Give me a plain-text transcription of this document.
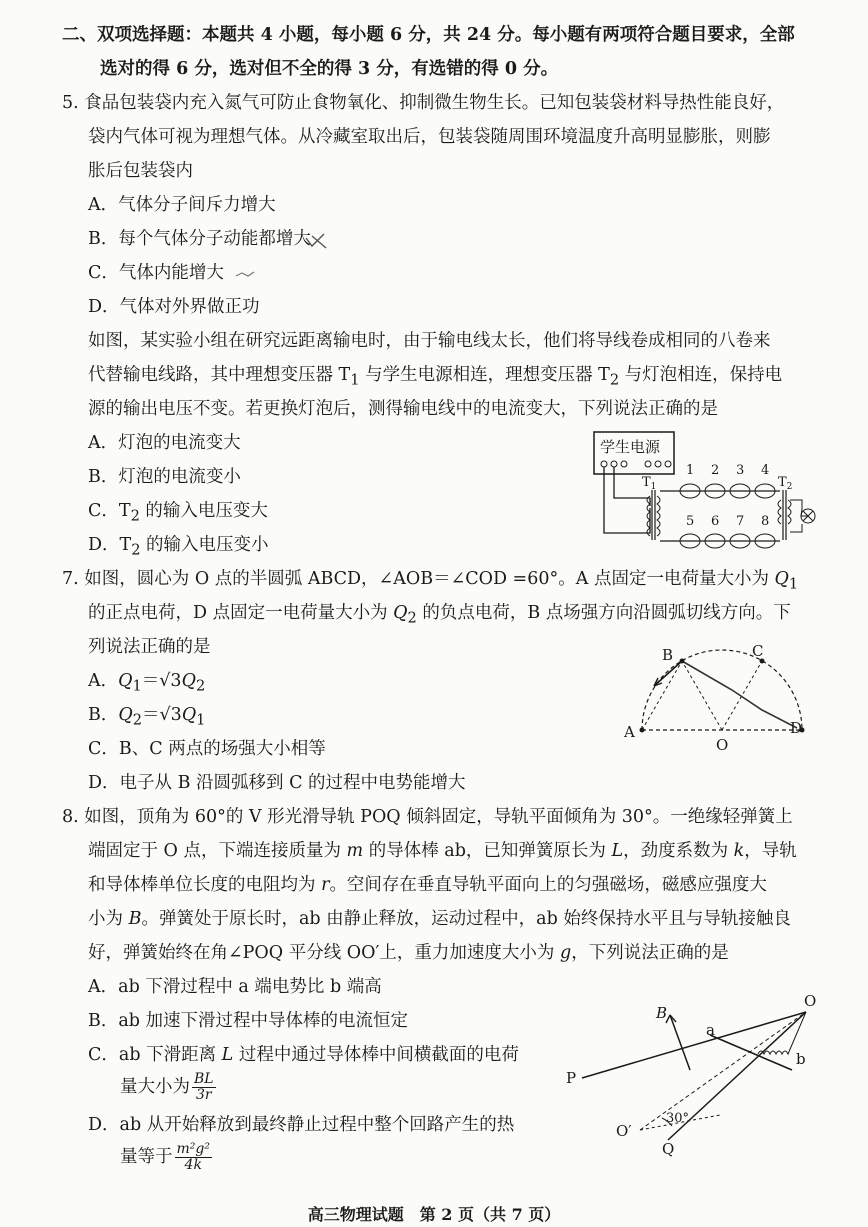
二、双项选择题：本题共 4 小题，每小题 6 分，共 24 分。每小题有两项符合题目要求，全部
选对的得 6 分，选对但不全的得 3 分，有选错的得 0 分。
5. 食品包装袋内充入氮气可防止食物氧化、抑制微生物生长。已知包装袋材料导热性能良好，
袋内气体可视为理想气体。从冷藏室取出后，包装袋随周围环境温度升高明显膨胀，则膨
胀后包装袋内
A．气体分子间斥力增大
B．每个气体分子动能都增大
C．气体内能增大
D．气体对外界做正功
如图，某实验小组在研究远距离输电时，由于输电线太长，他们将导线卷成相同的八卷来
代替输电线路，其中理想变压器 $T_1$ 与学生电源相连，理想变压器 $T_2$ 与灯泡相连，保持电
源的输出电压不变。若更换灯泡后，测得输电线中的电流变大，下列说法正确的是
A．灯泡的电流变大
B．灯泡的电流变小
C．$T_2$ 的输入电压变大
D．$T_2$ 的输入电压变小
学生电源
$T_1$
1 2 3 4
5 6 7 8
$T_2$
7. 如图，圆心为 O 点的半圆弧 ABCD，∠AOB＝∠COD =60°。A 点固定一电荷量大小为 $Q_1$
的正点电荷，D 点固定一电荷量大小为 $Q_2$ 的负点电荷，B 点场强方向沿圆弧切线方向。下
列说法正确的是
A．$Q_1=√3Q_2$
B．$Q_2=√3Q_1$
C．B、C 两点的场强大小相等
D．电子从 B 沿圆弧移到 C 的过程中电势能增大
B	C
A	D
O
8. 如图，顶角为 60°的 V 形光滑导轨 POQ 倾斜固定，导轨平面倾角为 30°。一绝缘轻弹簧上
端固定于 O 点，下端连接质量为 m 的导体棒 ab，已知弹簧原长为 L，劲度系数为 k，导轨
和导体棒单位长度的电阻均为 r。空间存在垂直导轨平面向上的匀强磁场，磁感应强度大
小为 B。弹簧处于原长时，ab 由静止释放，运动过程中，ab 始终保持水平且与导轨接触良
好，弹簧始终在角∠POQ 平分线 OO′上，重力加速度大小为 g，下列说法正确的是
A．ab 下滑过程中 a 端电势比 b 端高
B．ab 加速下滑过程中导体棒的电流恒定
C．ab 下滑距离 L 过程中通过导体棒中间横截面的电荷
量大小为 $\frac{BL}{3r}$
D．ab 从开始释放到最终静止过程中整个回路产生的热
量等于 $\frac{\text{m²g²}}{4k}$
B
a
O
b
P
O′
Q
30°
高三物理试题　第 2 页（共 7 页）
